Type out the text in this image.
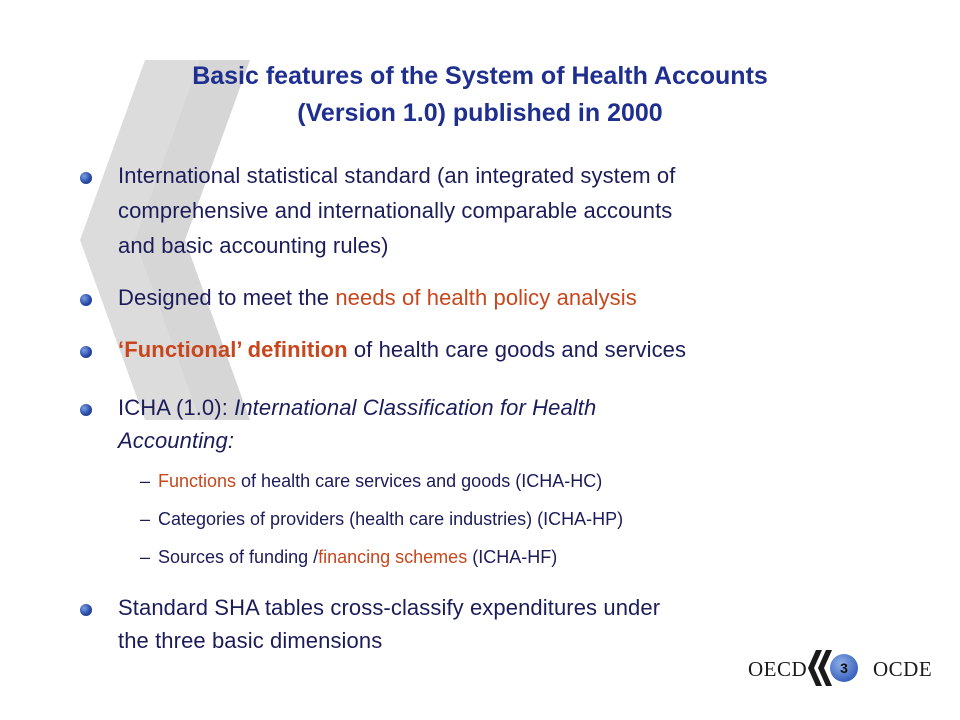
Basic features of the System of Health Accounts
(Version 1.0) published in 2000
International statistical standard (an integrated system of
comprehensive and internationally comparable accounts
and basic accounting rules)
Designed to meet the needs of health policy analysis
‘Functional’ definition of health care goods and services
ICHA (1.0): International Classification for Health
Accounting:
– Functions of health care services and goods (ICHA-HC)
– Categories of providers (health care industries) (ICHA-HP)
– Sources of funding /financing schemes (ICHA-HF)
Standard SHA tables cross-classify expenditures under
the three basic dimensions
OECD	3	OCDE
